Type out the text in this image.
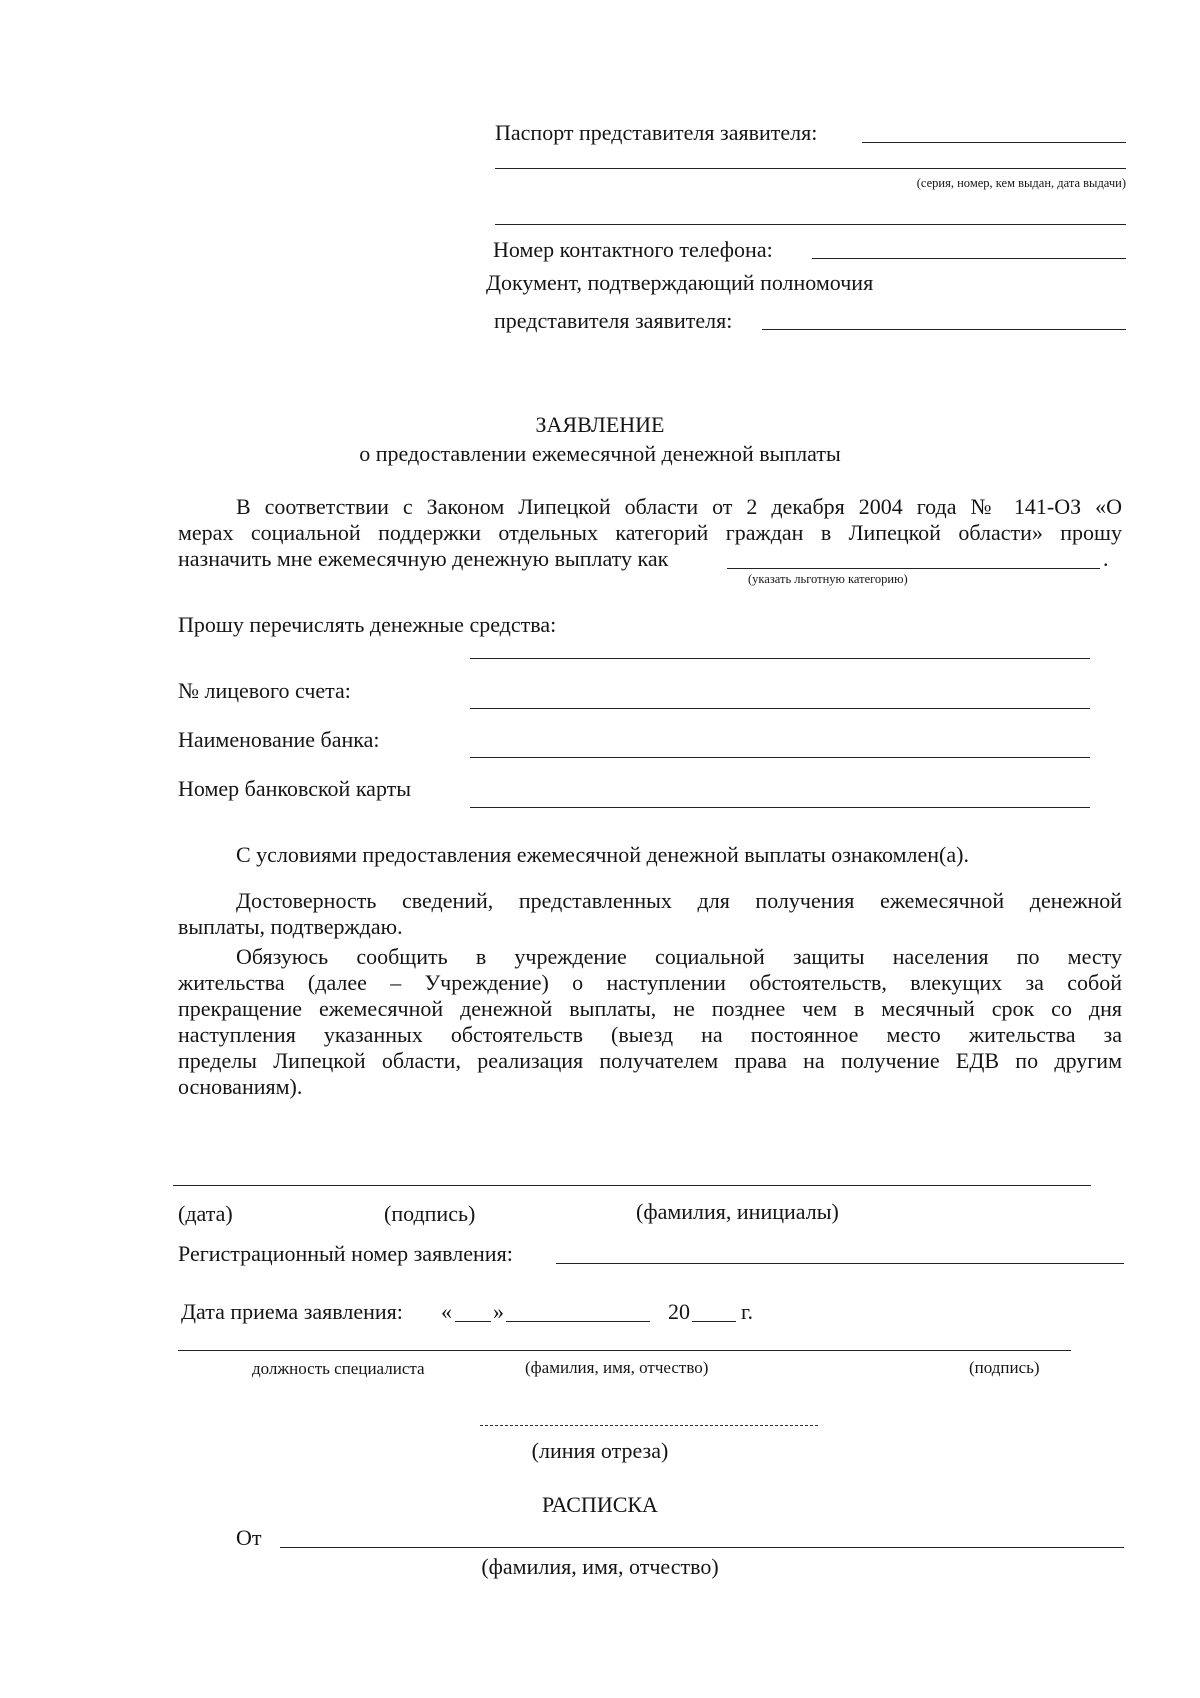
Паспорт представителя заявителя:
(серия, номер, кем выдан, дата выдачи)
Номер контактного телефона:
Документ, подтверждающий полномочия
представителя заявителя:
ЗАЯВЛЕНИЕ
о предоставлении ежемесячной денежной выплаты
В соответствии с Законом Липецкой области от 2 декабря 2004 года № 141-ОЗ «О
мерах социальной поддержки отдельных категорий граждан в Липецкой области» прошу
назначить мне ежемесячную денежную выплату как	.
(указать льготную категорию)
Прошу перечислять денежные средства:
№ лицевого счета:
Наименование банка:
Номер банковской карты
С условиями предоставления ежемесячной денежной выплаты ознакомлен(а).
Достоверность сведений, представленных для получения ежемесячной денежной
выплаты, подтверждаю.
Обязуюсь сообщить в учреждение социальной защиты населения по месту
жительства (далее – Учреждение) о наступлении обстоятельств, влекущих за собой
прекращение ежемесячной денежной выплаты, не позднее чем в месячный срок со дня
наступления указанных обстоятельств (выезд на постоянное место жительства за
пределы Липецкой области, реализация получателем права на получение ЕДВ по другим
основаниям).
(дата)	(подпись)	(фамилия, инициалы)
Регистрационный номер заявления:
Дата приема заявления: « »	20 г.
должность специалиста	(фамилия, имя, отчество)	(подпись)
(линия отреза)
РАСПИСКА
От
(фамилия, имя, отчество)
